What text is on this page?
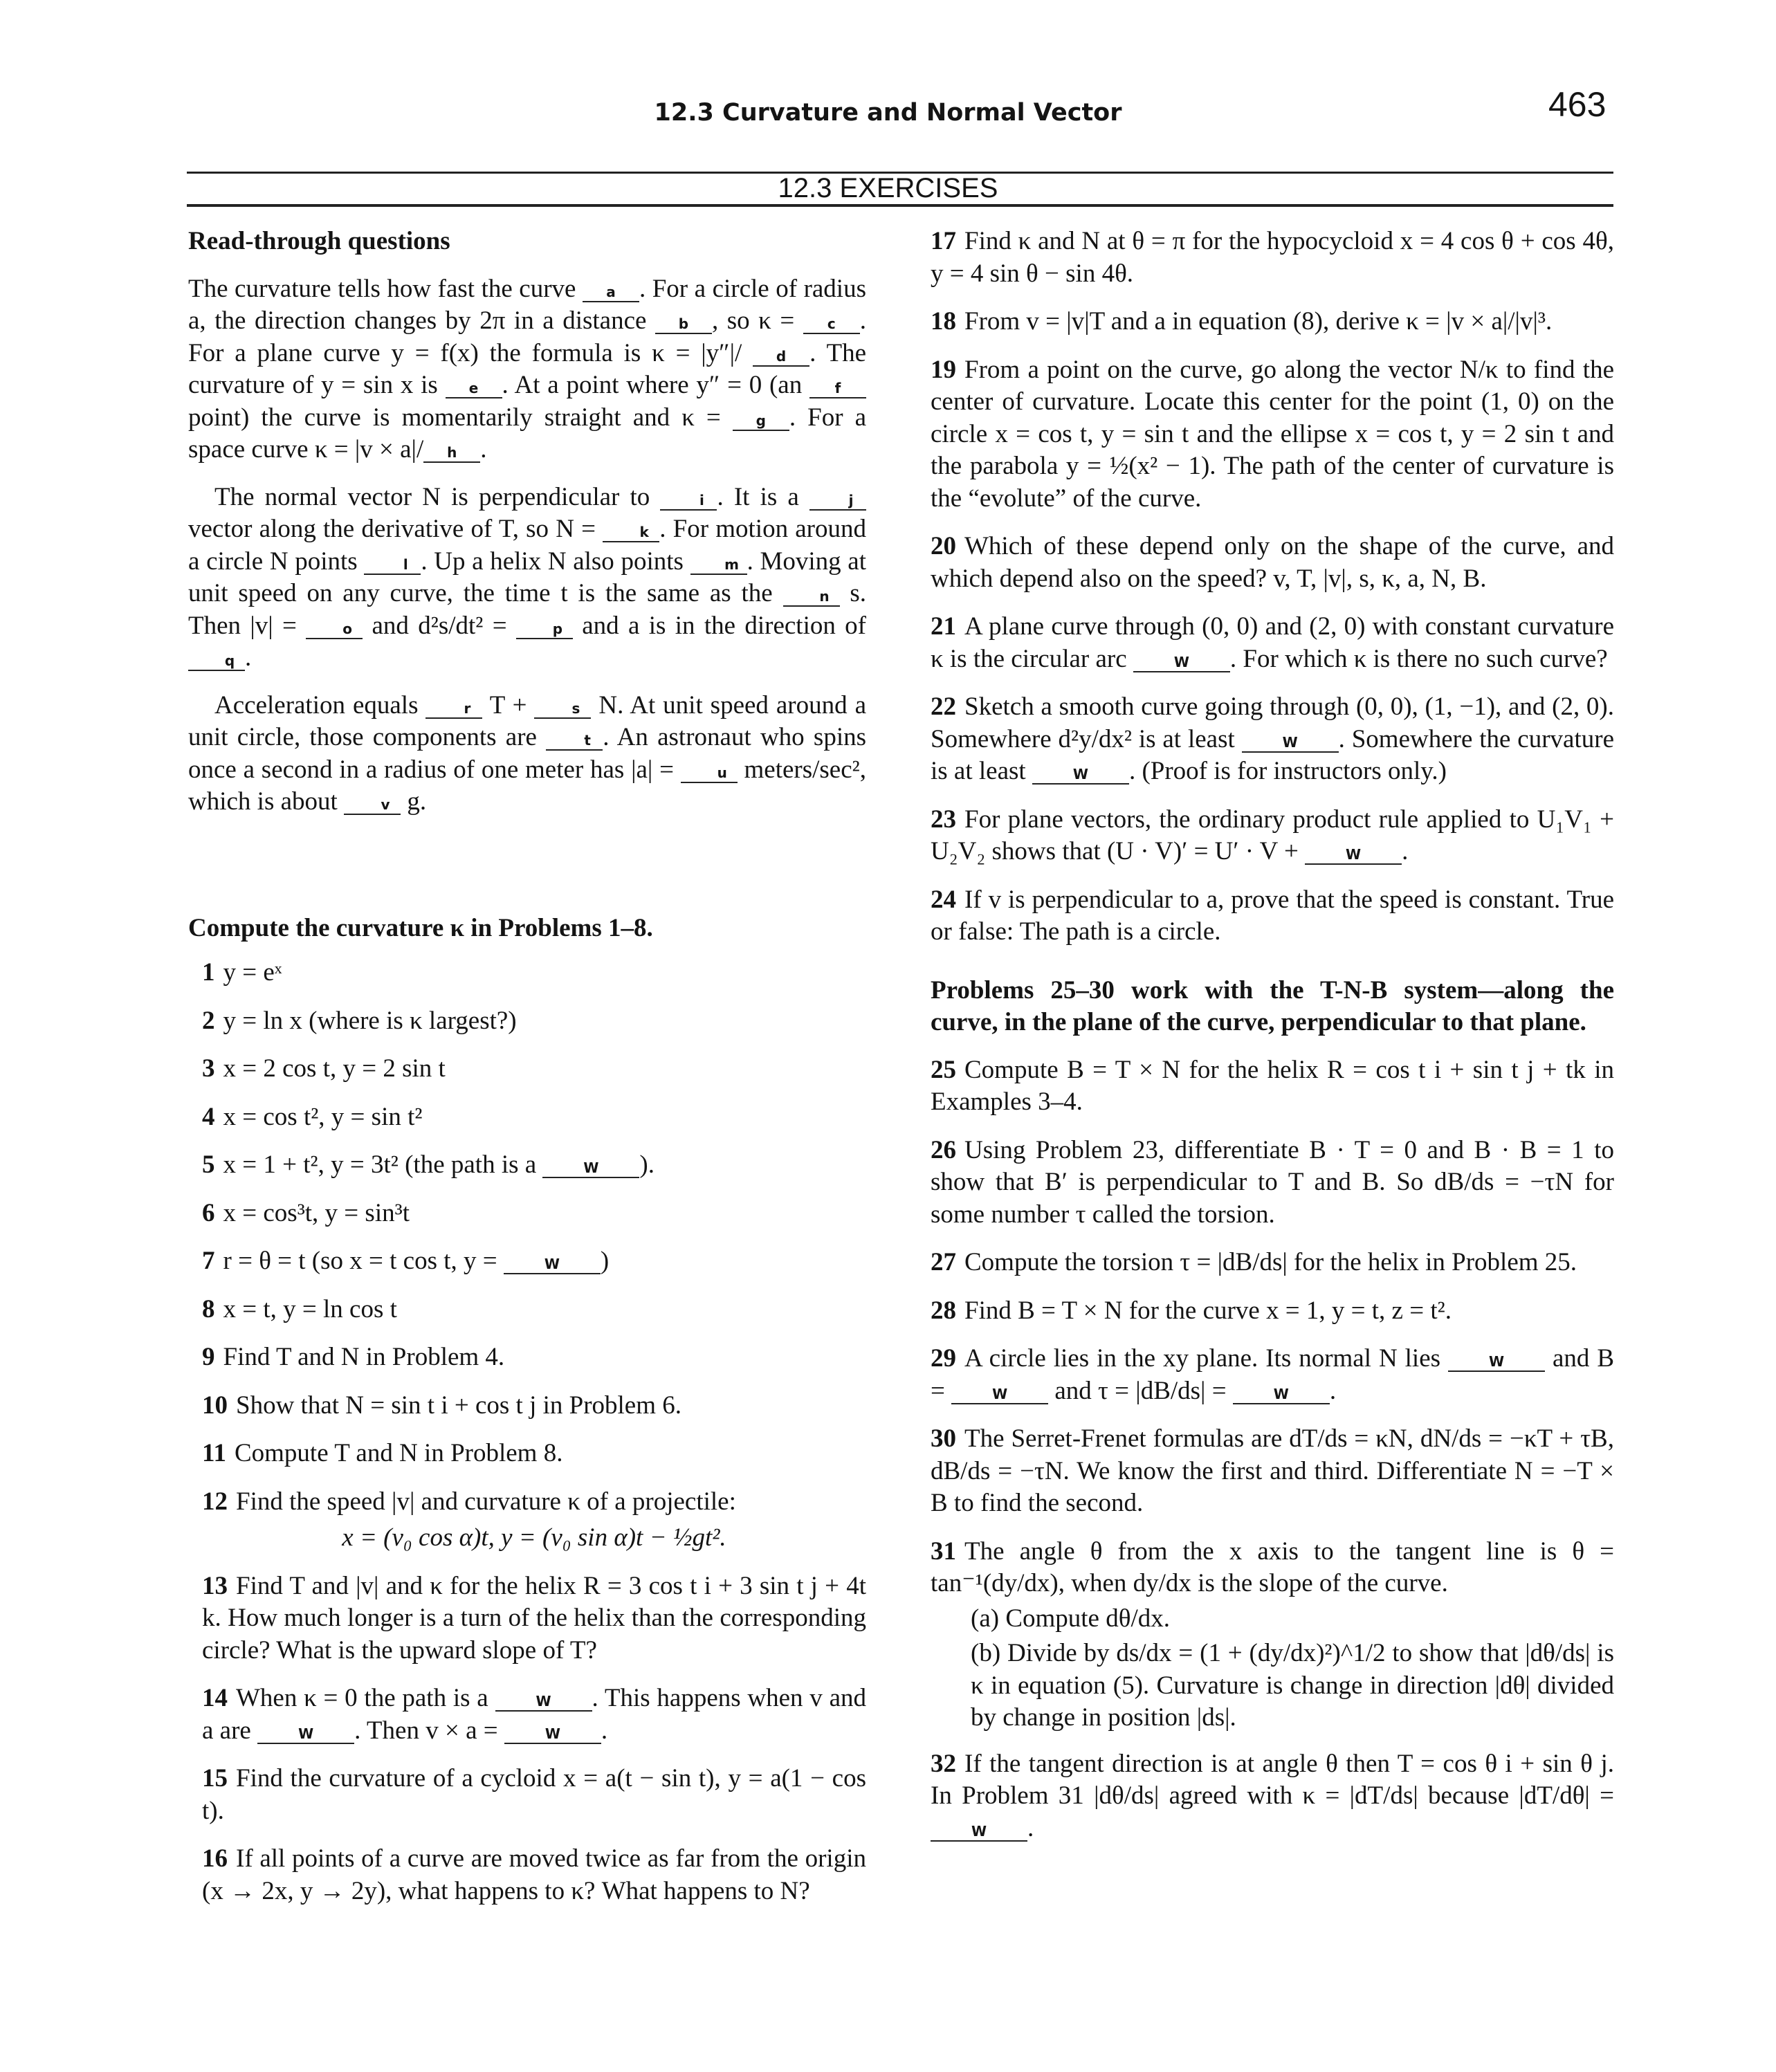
12.3 Curvature and Normal Vector	463
12.3 EXERCISES

Read-through questions

The curvature tells how fast the curve a . For a circle of radius a, the direction changes by 2π in a distance b , so κ = c . For a plane curve y = f(x) the formula is κ = |y″|/ d . The curvature of y = sin x is e . At a point where y″ = 0 (an f point) the curve is momentarily straight and κ = g . For a space curve κ = |v × a|/ h .

The normal vector N is perpendicular to	i . It is a	j vector along the derivative of T, so N =	k . For motion around a circle N points	l . Up a helix N also points m . Moving at unit speed on any curve, the time t is the same as the	n s. Then |v| =	o and d²s/dt² =	p and a is in the direction of q .

Acceleration equals	r T +	s N. At unit speed around a unit circle, those components are	t . An astronaut who spins once a second in a radius of one meter has |a| =	u meters/sec², which is about	v g.

Compute the curvature κ in Problems 1–8.

1 y = eˣ

2 y = ln x (where is κ largest?)

3 x = 2 cos t, y = 2 sin t

4 x = cos t², y = sin t²

5 x = 1 + t², y = 3t² (the path is a	W ).

6 x = cos³t, y = sin³t

7 r = θ = t (so x = t cos t, y =	W )

8 x = t, y = ln cos t

9 Find T and N in Problem 4.

10 Show that N = sin t i + cos t j in Problem 6.

11 Compute T and N in Problem 8.

12 Find the speed |v| and curvature κ of a projectile:

x = (v₀ cos α)t, y = (v₀ sin α)t − ½gt².

13 Find T and |v| and κ for the helix R = 3 cos t i + 3 sin t j + 4t k. How much longer is a turn of the helix than the corresponding circle? What is the upward slope of T?

14 When κ = 0 the path is a	W . This happens when v and a are	W . Then v × a =	W .

15 Find the curvature of a cycloid x = a(t − sin t), y = a(1 − cos t).

16 If all points of a curve are moved twice as far from the origin (x → 2x, y → 2y), what happens to κ? What happens to N?

17 Find κ and N at θ = π for the hypocycloid x = 4 cos θ + cos 4θ, y = 4 sin θ − sin 4θ.

18 From v = |v|T and a in equation (8), derive κ = |v × a|/|v|³.

19 From a point on the curve, go along the vector N/κ to find the center of curvature. Locate this center for the point (1, 0) on the circle x = cos t, y = sin t and the ellipse x = cos t, y = 2 sin t and the parabola y = ½(x² − 1). The path of the center of curvature is the “evolute” of the curve.

20 Which of these depend only on the shape of the curve, and which depend also on the speed? v, T, |v|, s, κ, a, N, B.

21 A plane curve through (0, 0) and (2, 0) with constant curvature κ is the circular arc	W . For which κ is there no such curve?

22 Sketch a smooth curve going through (0, 0), (1, −1), and (2, 0). Somewhere d²y/dx² is at least	W . Somewhere the curvature is at least	W . (Proof is for instructors only.)

23 For plane vectors, the ordinary product rule applied to U₁V₁ + U₂V₂ shows that (U · V)′ = U′ · V +	W .

24 If v is perpendicular to a, prove that the speed is constant. True or false: The path is a circle.

Problems 25–30 work with the T-N-B system—along the curve, in the plane of the curve, perpendicular to that plane.

25 Compute B = T × N for the helix R = cos t i + sin t j + tk in Examples 3–4.

26 Using Problem 23, differentiate B · T = 0 and B · B = 1 to show that B′ is perpendicular to T and B. So dB/ds = −τN for some number τ called the torsion.

27 Compute the torsion τ = |dB/ds| for the helix in Problem 25.

28 Find B = T × N for the curve x = 1, y = t, z = t².

29 A circle lies in the xy plane. Its normal N lies	W and B =	W and τ = |dB/ds| =	W .

30 The Serret-Frenet formulas are dT/ds = κN, dN/ds = −κT + τB, dB/ds = −τN. We know the first and third. Differentiate N = −T × B to find the second.

31 The angle θ from the x axis to the tangent line is θ = tan⁻¹(dy/dx), when dy/dx is the slope of the curve.

(a) Compute dθ/dx.

(b) Divide by ds/dx = (1 + (dy/dx)²)^1/2 to show that |dθ/ds| is κ in equation (5). Curvature is change in direction |dθ| divided by change in position |ds|.

32 If the tangent direction is at angle θ then T = cos θ i + sin θ j. In Problem 31 |dθ/ds| agreed with κ = |dT/ds| because |dT/dθ| = W .
